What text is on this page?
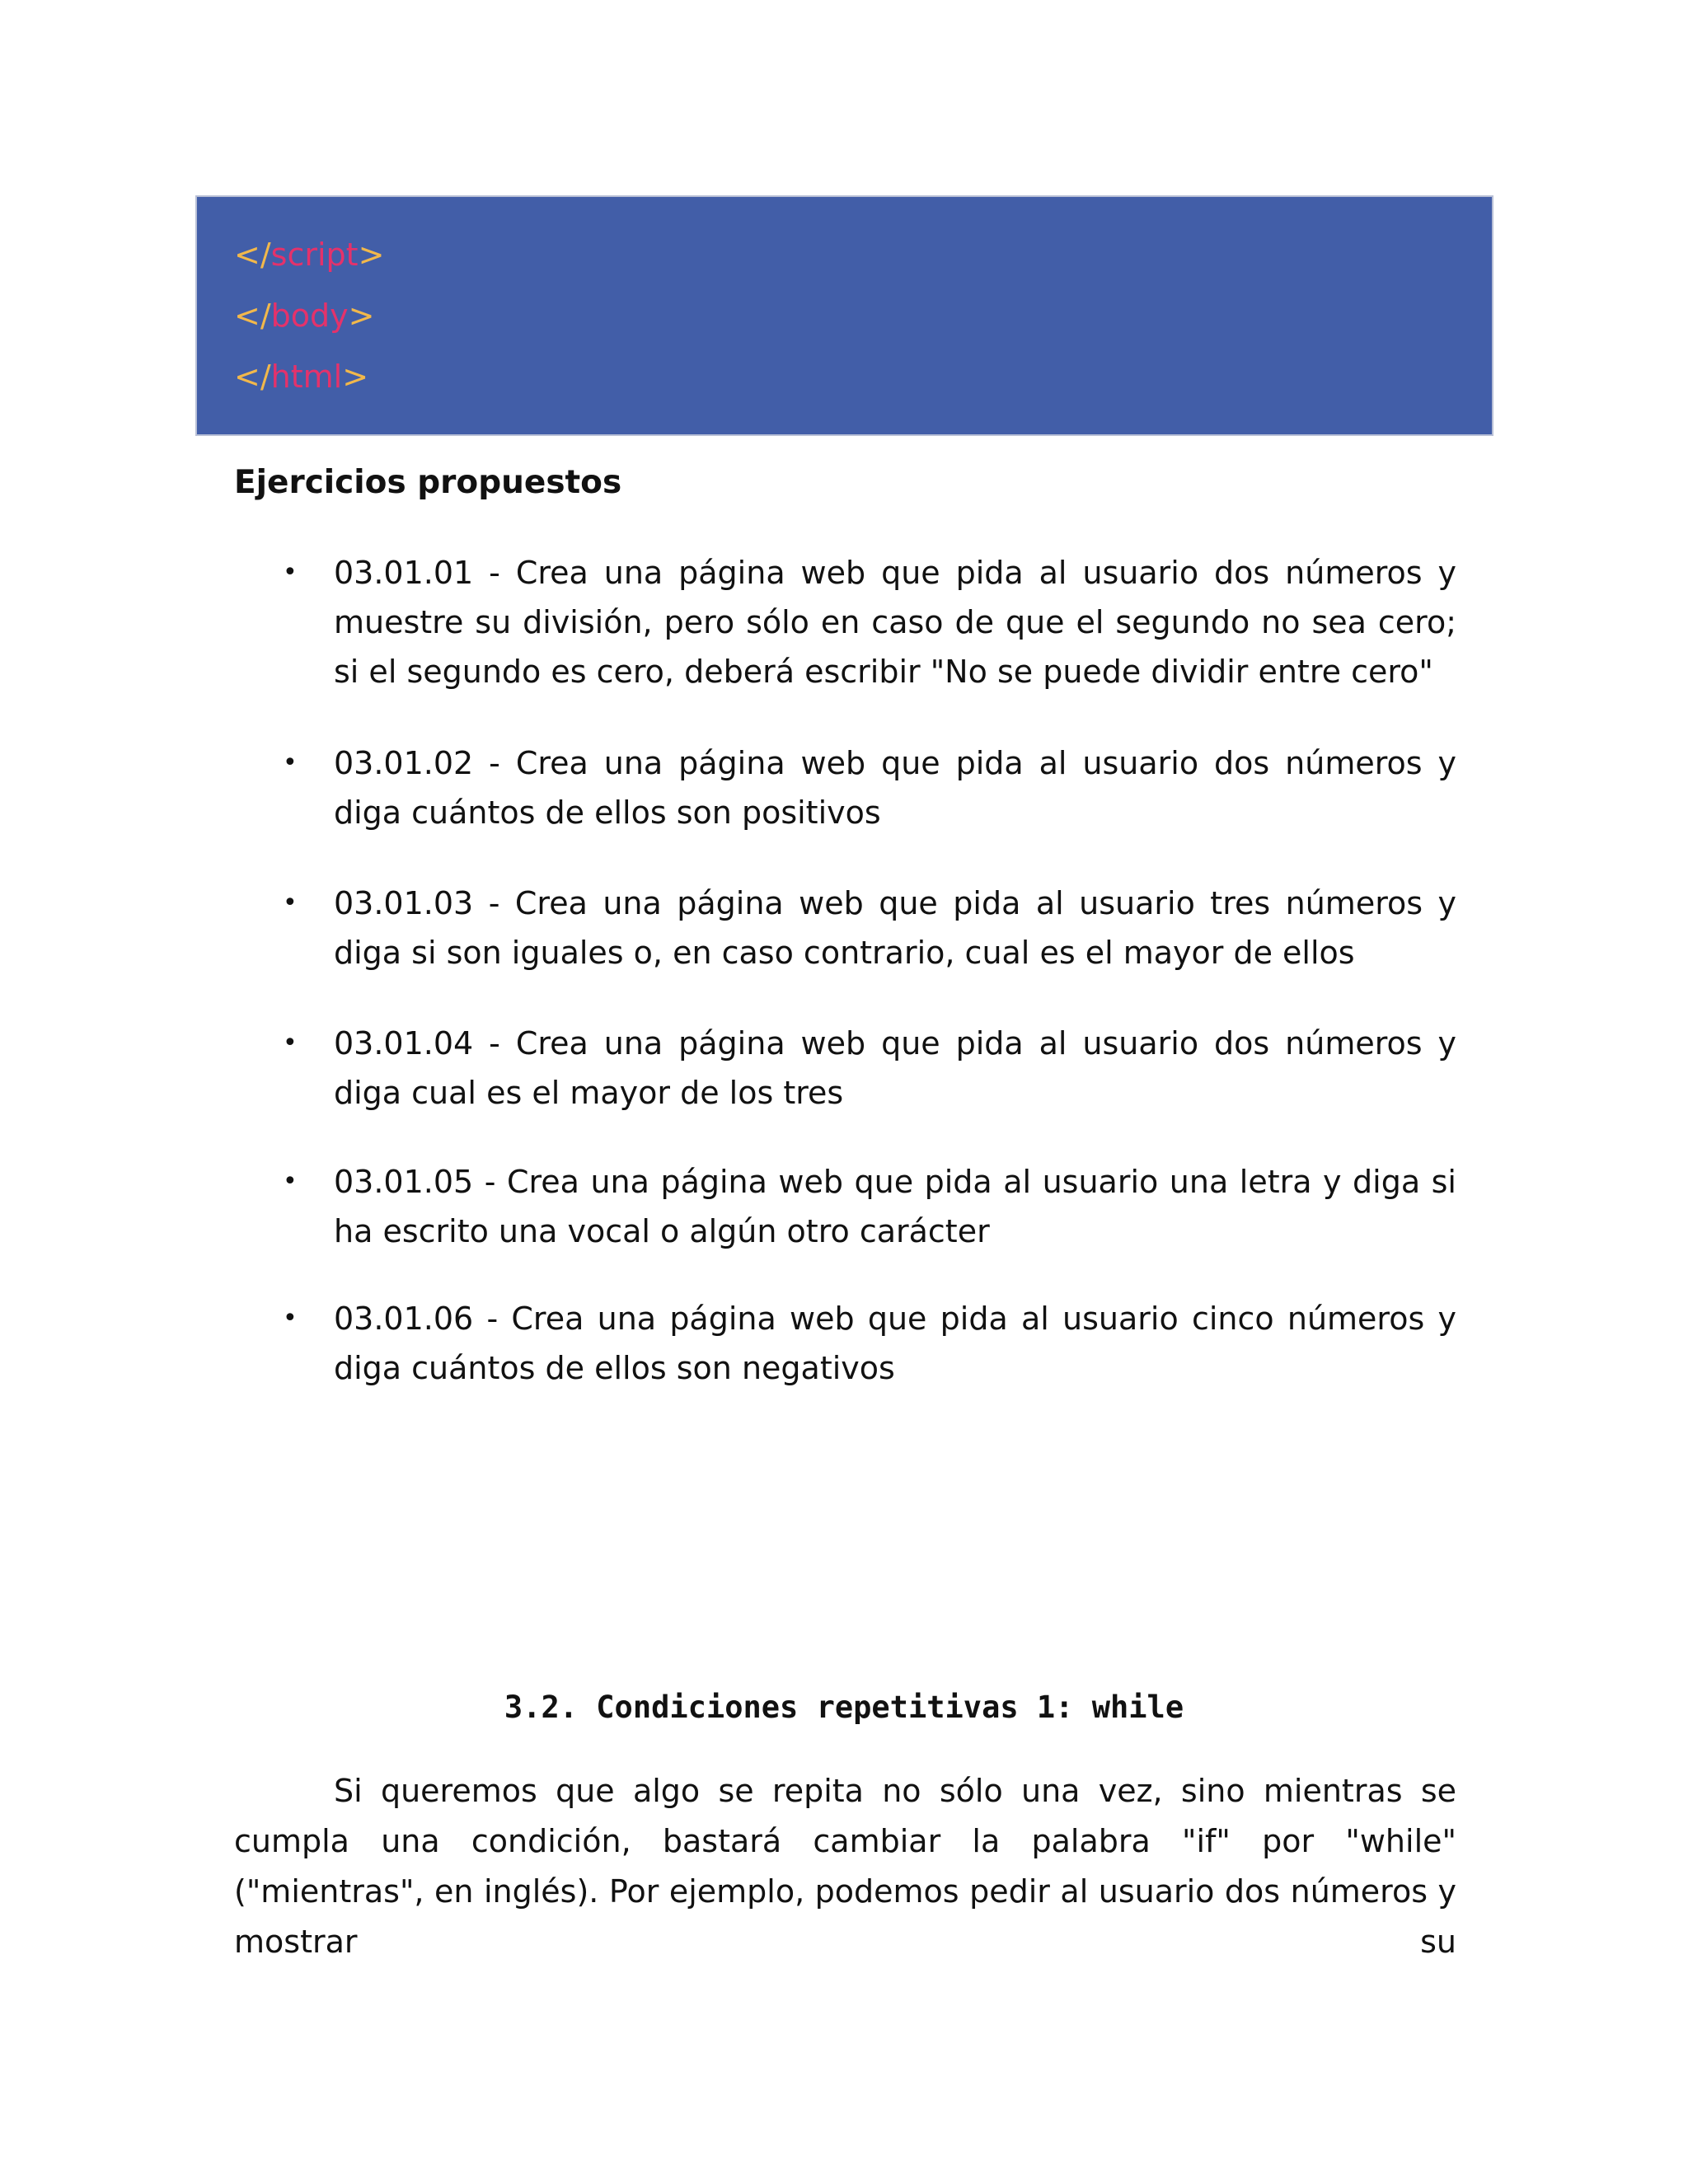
</script>
</body>
</html>
Ejercicios propuestos
• 03.01.01 - Crea una página web que pida al usuario dos números y muestre su división, pero sólo en caso de que el segundo no sea cero; si el segundo es cero, deberá escribir "No se puede dividir entre cero"
• 03.01.02 - Crea una página web que pida al usuario dos números y diga cuántos de ellos son positivos
• 03.01.03 - Crea una página web que pida al usuario tres números y diga si son iguales o, en caso contrario, cual es el mayor de ellos
• 03.01.04 - Crea una página web que pida al usuario dos números y diga cual es el mayor de los tres
• 03.01.05 - Crea una página web que pida al usuario una letra y diga si ha escrito una vocal o algún otro carácter
• 03.01.06 - Crea una página web que pida al usuario cinco números y diga cuántos de ellos son negativos
3.2. Condiciones repetitivas 1: while
Si queremos que algo se repita no sólo una vez, sino mientras se cumpla una condición, bastará cambiar la palabra "if" por "while" ("mientras", en inglés). Por ejemplo, podemos pedir al usuario dos números y mostrar su
